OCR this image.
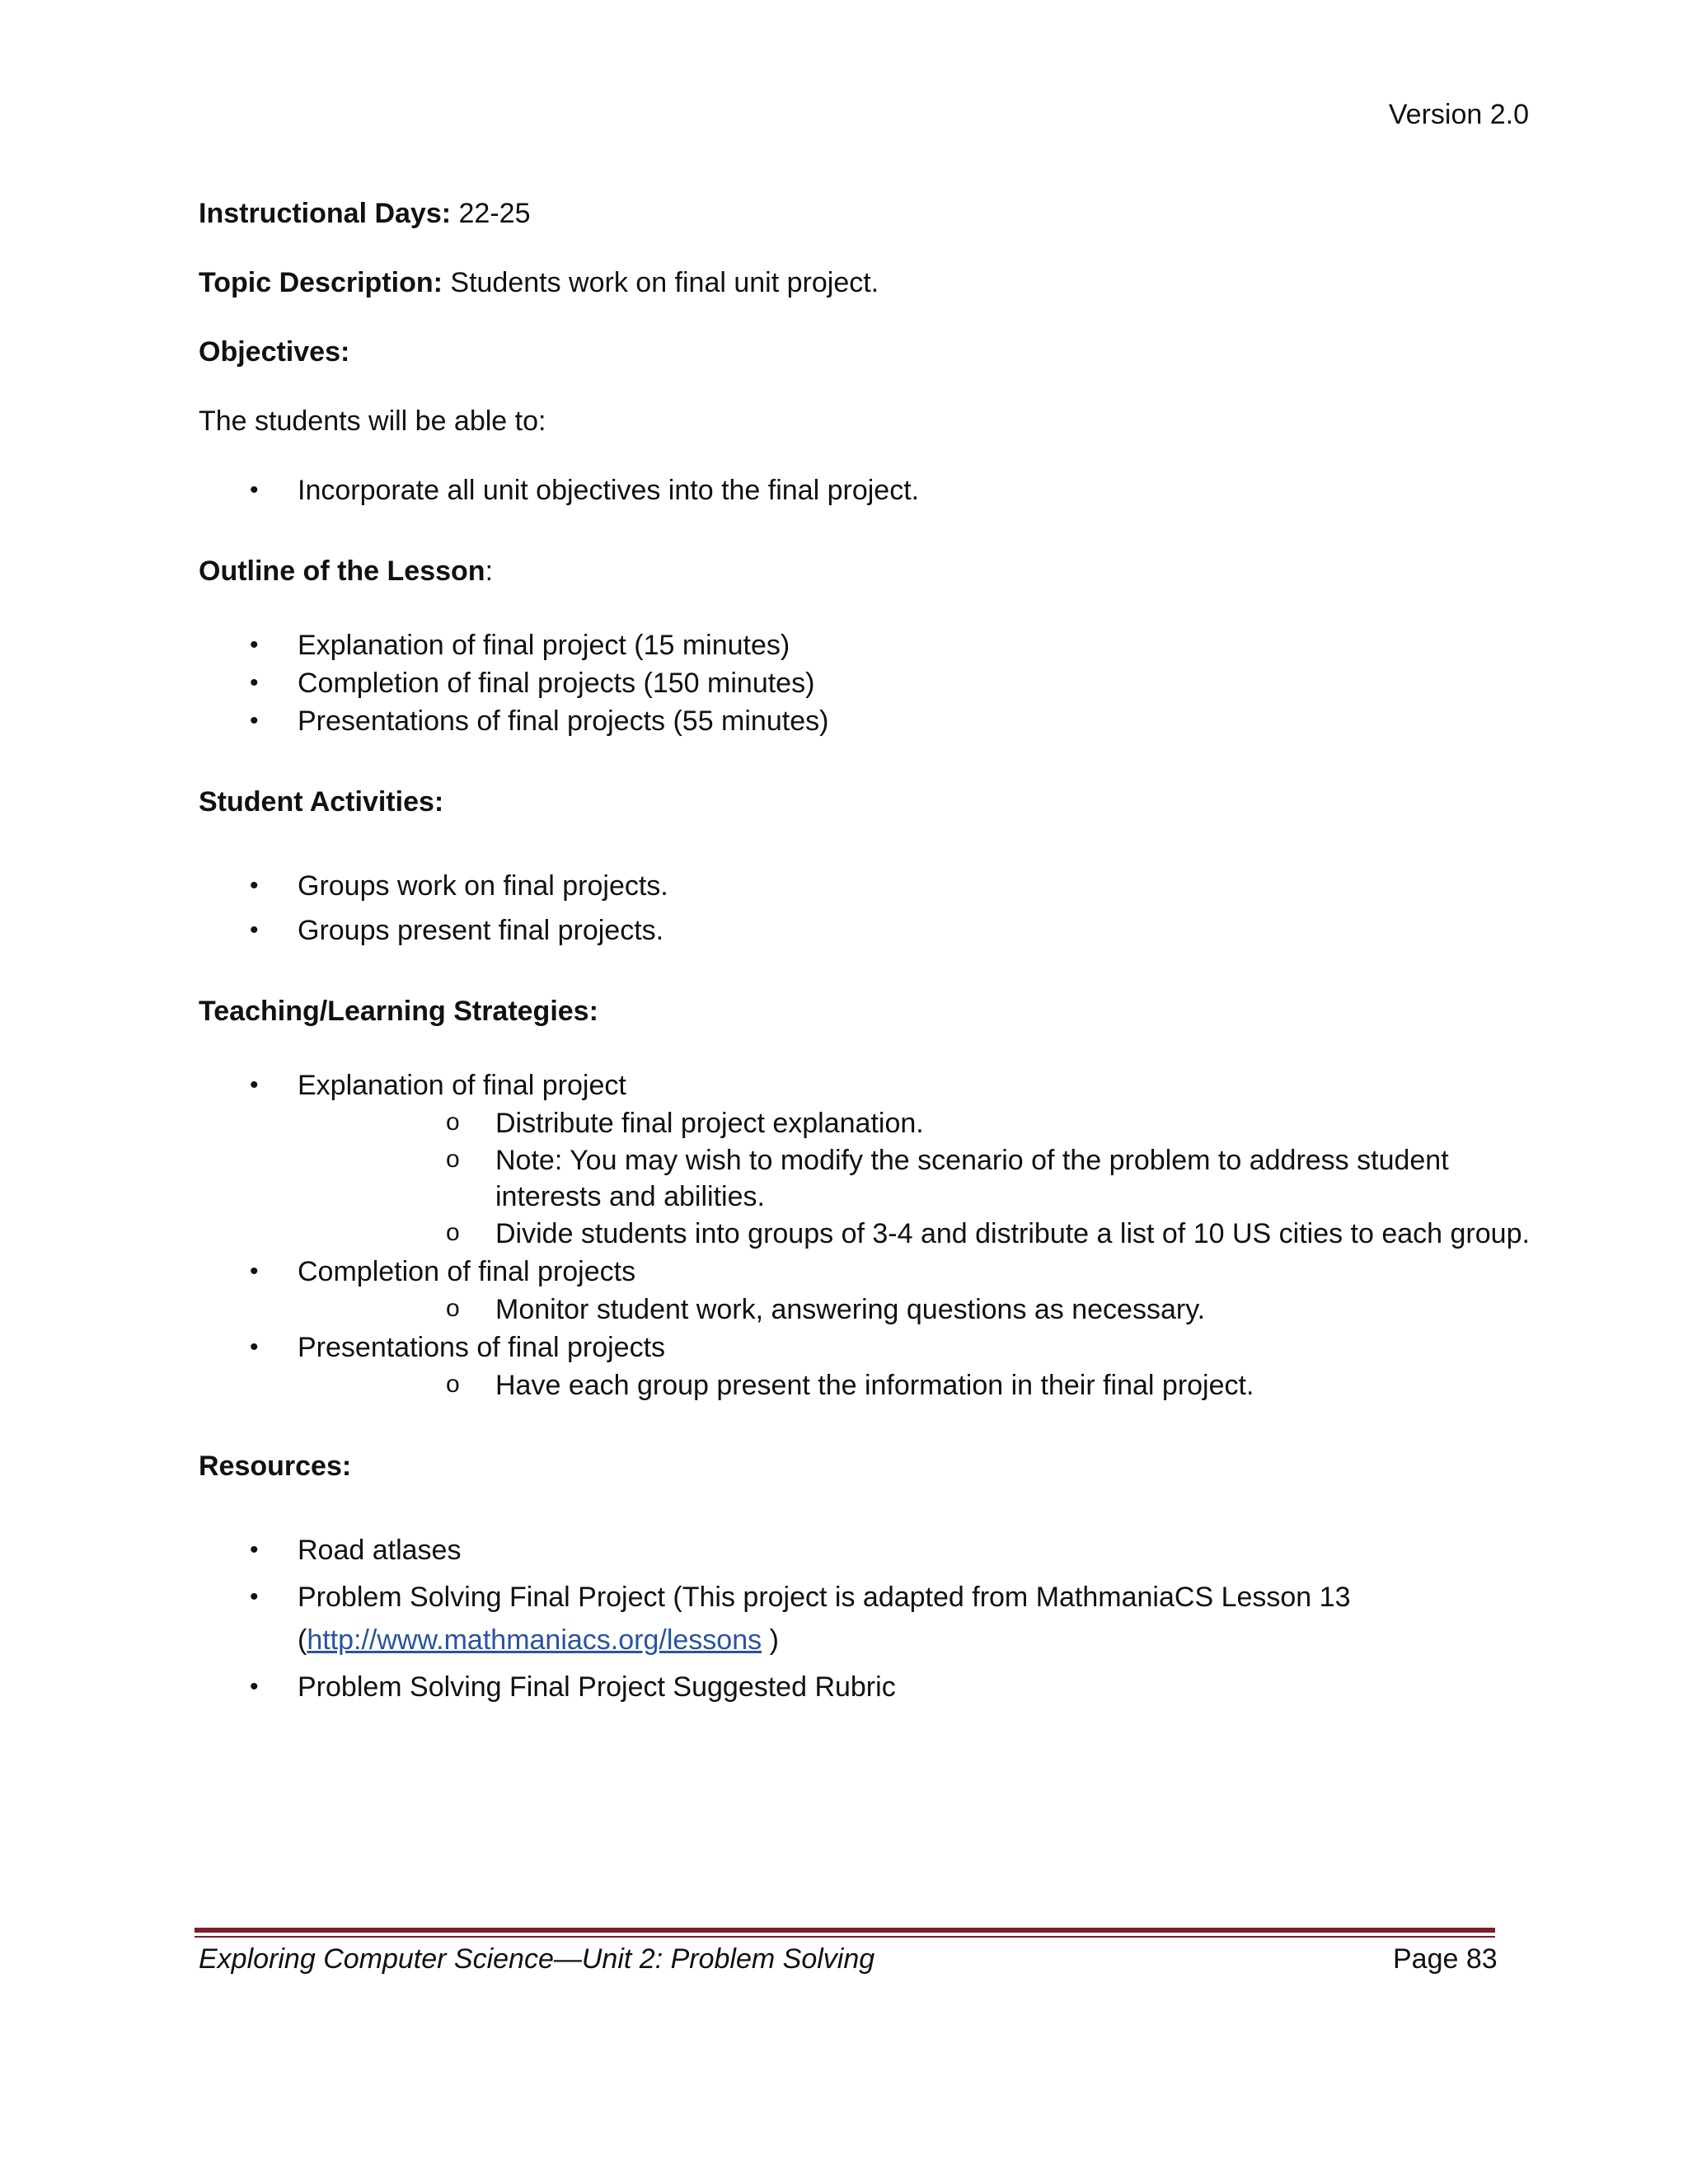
Version 2.0

Instructional Days: 22-25

Topic Description: Students work on final unit project.

Objectives:

The students will be able to:

• Incorporate all unit objectives into the final project.

Outline of the Lesson:

• Explanation of final project (15 minutes)
• Completion of final projects (150 minutes)
• Presentations of final projects (55 minutes)

Student Activities:

• Groups work on final projects.
• Groups present final projects.

Teaching/Learning Strategies:

• Explanation of final project
o Distribute final project explanation.
o Note: You may wish to modify the scenario of the problem to address student interests and abilities.
o Divide students into groups of 3-4 and distribute a list of 10 US cities to each group.
• Completion of final projects
o Monitor student work, answering questions as necessary.
• Presentations of final projects
o Have each group present the information in their final project.

Resources:

• Road atlases
• Problem Solving Final Project (This project is adapted from MathmaniaCS Lesson 13
(http://www.mathmaniacs.org/lessons )
• Problem Solving Final Project Suggested Rubric
Exploring Computer Science—Unit 2: Problem Solving	Page 83
